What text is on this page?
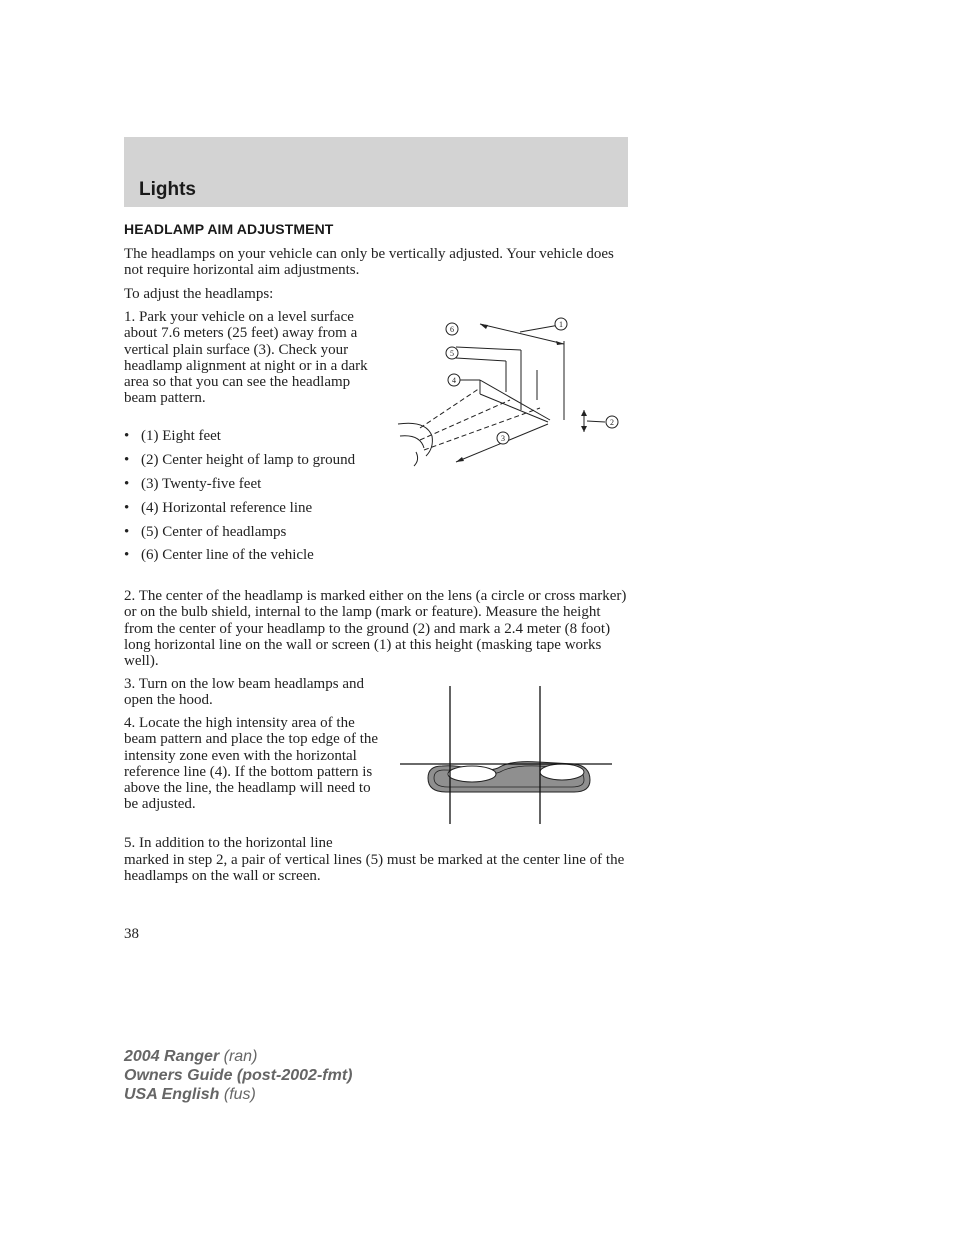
Lights
HEADLAMP AIM ADJUSTMENT
The headlamps on your vehicle can only be vertically adjusted. Your vehicle does not require horizontal aim adjustments.
To adjust the headlamps:
1. Park your vehicle on a level surface about 7.6 meters (25 feet) away from a vertical plain surface (3). Check your headlamp alignment at night or in a dark area so that you can see the headlamp beam pattern.
• (1) Eight feet
• (2) Center height of lamp to ground
• (3) Twenty-five feet
• (4) Horizontal reference line
• (5) Center of headlamps
• (6) Center line of the vehicle
6
5
4
1
2
3
2. The center of the headlamp is marked either on the lens (a circle or cross marker) or on the bulb shield, internal to the lamp (mark or feature). Measure the height from the center of your headlamp to the ground (2) and mark a 2.4 meter (8 foot) long horizontal line on the wall or screen (1) at this height (masking tape works well).
3. Turn on the low beam headlamps and open the hood.
4. Locate the high intensity area of the beam pattern and place the top edge of the intensity zone even with the horizontal reference line (4). If the bottom pattern is above the line, the headlamp will need to be adjusted.
5. In addition to the horizontal line
marked in step 2, a pair of vertical lines (5) must be marked at the center line of the headlamps on the wall or screen.
38
2004 Ranger (ran)
Owners Guide (post-2002-fmt)
USA English (fus)
